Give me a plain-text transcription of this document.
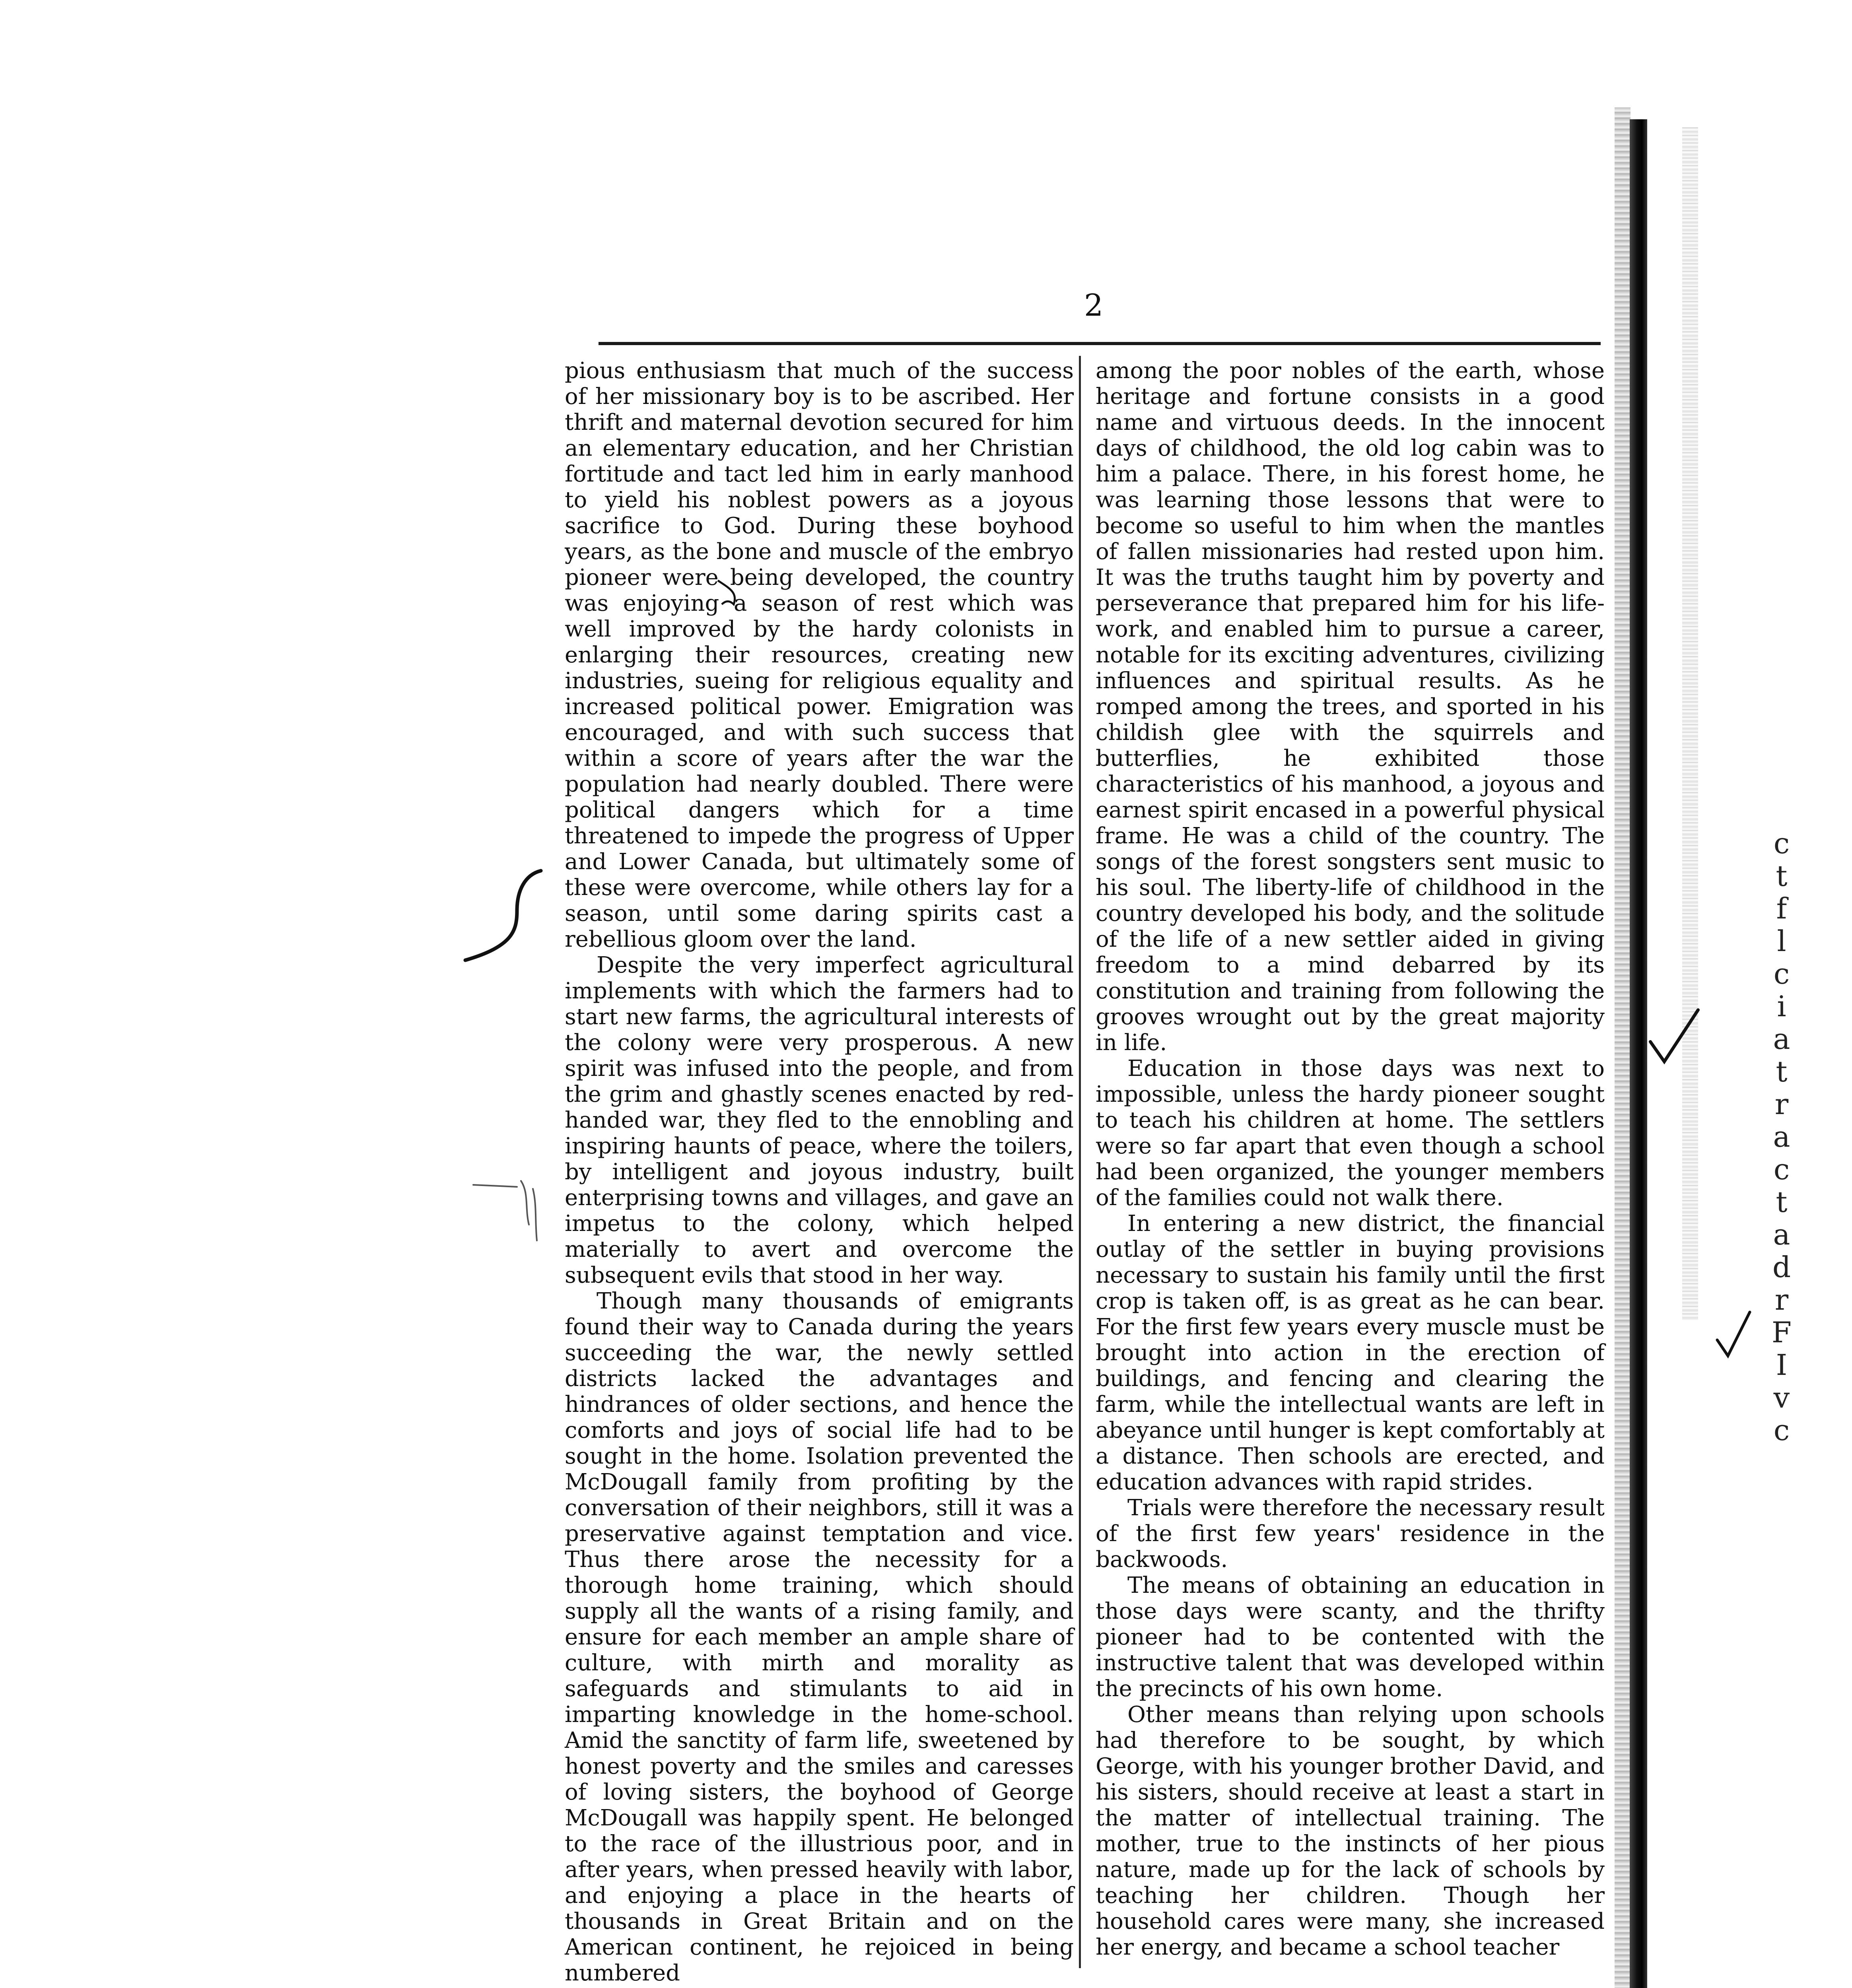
2

pious enthusiasm that much of the success of her missionary boy is to be ascribed. Her thrift and maternal devotion secured for him an elementary education, and her Christian fortitude and tact led him in early manhood to yield his noblest powers as a joyous sacrifice to God. During these boyhood years, as the bone and muscle of the embryo pioneer were being developed, the country was enjoying a season of rest which was well improved by the hardy colonists in enlarging their resources, creating new industries, sueing for religious equality and increased political power. Emigration was encouraged, and with such success that within a score of years after the war the population had nearly doubled. There were political dangers which for a time threatened to impede the progress of Upper and Lower Canada, but ultimately some of these were overcome, while others lay for a season, until some daring spirits cast a rebellious gloom over the land.

Despite the very imperfect agricultural implements with which the farmers had to start new farms, the agricultural interests of the colony were very prosperous. A new spirit was infused into the people, and from the grim and ghastly scenes enacted by red-handed war, they fled to the ennobling and inspiring haunts of peace, where the toilers, by intelligent and joyous industry, built enterprising towns and villages, and gave an impetus to the colony, which helped materially to avert and overcome the subsequent evils that stood in her way.

Though many thousands of emigrants found their way to Canada during the years succeeding the war, the newly settled districts lacked the advantages and hindrances of older sections, and hence the comforts and joys of social life had to be sought in the home. Isolation prevented the McDougall family from profiting by the conversation of their neighbors, still it was a preservative against temptation and vice. Thus there arose the necessity for a thorough home training, which should supply all the wants of a rising family, and ensure for each member an ample share of culture, with mirth and morality as safeguards and stimulants to aid in imparting knowledge in the home-school. Amid the sanctity of farm life, sweetened by honest poverty and the smiles and caresses of loving sisters, the boyhood of George McDougall was happily spent. He belonged to the race of the illustrious poor, and in after years, when pressed heavily with labor, and enjoying a place in the hearts of thousands in Great Britain and on the American continent, he rejoiced in being numbered

among the poor nobles of the earth, whose heritage and fortune consists in a good name and virtuous deeds. In the innocent days of childhood, the old log cabin was to him a palace. There, in his forest home, he was learning those lessons that were to become so useful to him when the mantles of fallen missionaries had rested upon him. It was the truths taught him by poverty and perseverance that prepared him for his life-work, and enabled him to pursue a career, notable for its exciting adventures, civilizing influences and spiritual results. As he romped among the trees, and sported in his childish glee with the squirrels and butterflies, he exhibited those characteristics of his manhood, a joyous and earnest spirit encased in a powerful physical frame. He was a child of the country. The songs of the forest songsters sent music to his soul. The liberty-life of childhood in the country developed his body, and the solitude of the life of a new settler aided in giving freedom to a mind debarred by its constitution and training from following the grooves wrought out by the great majority in life.

Education in those days was next to impossible, unless the hardy pioneer sought to teach his children at home. The settlers were so far apart that even though a school had been organized, the younger members of the families could not walk there.

In entering a new district, the financial outlay of the settler in buying provisions necessary to sustain his family until the first crop is taken off, is as great as he can bear. For the first few years every muscle must be brought into action in the erection of buildings, and fencing and clearing the farm, while the intellectual wants are left in abeyance until hunger is kept comfortably at a distance. Then schools are erected, and education advances with rapid strides.

Trials were therefore the necessary result of the first few years' residence in the backwoods.

The means of obtaining an education in those days were scanty, and the thrifty pioneer had to be contented with the instructive talent that was developed within the precincts of his own home.

Other means than relying upon schools had therefore to be sought, by which George, with his younger brother David, and his sisters, should receive at least a start in the matter of intellectual training. The mother, true to the instincts of her pious nature, made up for the lack of schools by teaching her children. Though her household cares were many, she increased her energy, and became a school teacher

c
t
f
l
c
i
a
t
r
a
c
t
a
d
r
F
I
v
c
